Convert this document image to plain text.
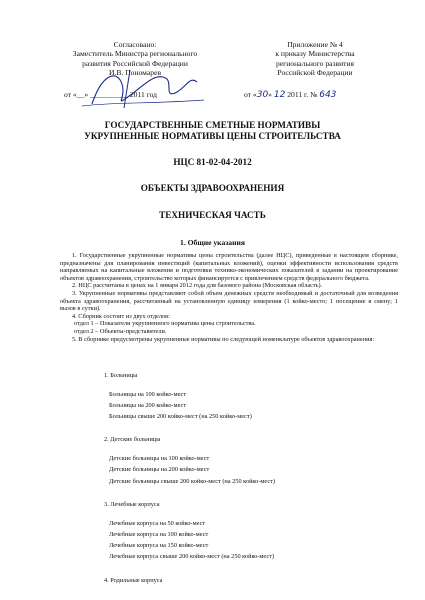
Согласовано:
Заместитель Министра регионального
развития Российской Федерации
И.В. Пономарев
от «__» __________ 2011 год
Приложение № 4
к приказу Министерства
регионального развития
Российской Федерации
от «30» 12 2011 г. № 643
ГОСУДАРСТВЕННЫЕ СМЕТНЫЕ НОРМАТИВЫ
УКРУПНЕННЫЕ НОРМАТИВЫ ЦЕНЫ СТРОИТЕЛЬСТВА
НЦС 81-02-04-2012
ОБЪЕКТЫ ЗДРАВООХРАНЕНИЯ
ТЕХНИЧЕСКАЯ ЧАСТЬ
1. Общие указания

1. Государственные укрупненные нормативы цены строительства (далее НЦС), приведенные в настоящем сборнике, предназначены для планирования инвестиций (капитальных вложений), оценки эффективности использования средств направляемых на капитальные вложения и подготовки технико-экономических показателей в задании на проектирование объектов здравоохранения, строительство которых финансируется с привлечением средств федерального бюджета.

2. НЦС рассчитаны в ценах на 1 января 2012 года для базового района (Московская область).

3. Укрупненные нормативы представляют собой объем денежных средств необходимый и достаточный для возведения объекта здравоохранения, рассчитанный на установленную единицу измерения (1 койко-место; 1 посещение в смену; 1 вызов в сутки).

4. Сборник состоит из двух отделов:

отдел 1 – Показатели укрупненного норматива цены строительства.

отдел 2 – Объекты-представители.

5. В сборнике предусмотрены укрупненные нормативы по следующей номенклатуре объектов здравоохранения:

1. Больницы
Больницы на 100 койко-мест
Больницы на 200 койко-мест
Больницы свыше 200 койко-мест (на 250 койко-мест)
2. Детские больницы
Детские больницы на 100 койко-мест
Детские больницы на 200 койко-мест
Детские больницы свыше 200 койко-мест (на 250 койко-мест)
3. Лечебные корпуса
Лечебные корпуса на 50 койко-мест
Лечебные корпуса на 100 койко-мест
Лечебные корпуса на 150 койко-мест
Лечебные корпуса свыше 200 койко-мест (на 250 койко-мест)
4. Родильные корпуса
